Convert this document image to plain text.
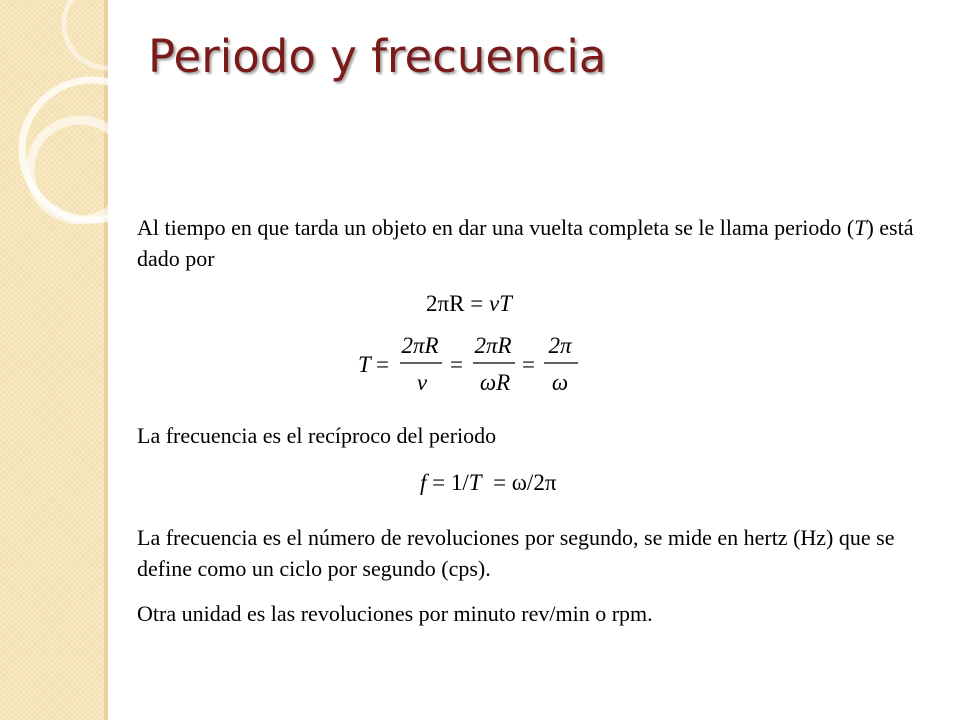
Periodo y frecuencia

Al tiempo en que tarda un objeto en dar una vuelta completa se le llama periodo (T) está dado por

2πR = vT
T =
2πR
v
=
2πR
ωR
=
2π
ω

La frecuencia es el recíproco del periodo

f = 1/T  = ω/2π

La frecuencia es el número de revoluciones por segundo, se mide en hertz (Hz) que se define como un ciclo por segundo (cps).

Otra unidad es las revoluciones por minuto rev/min o rpm.
